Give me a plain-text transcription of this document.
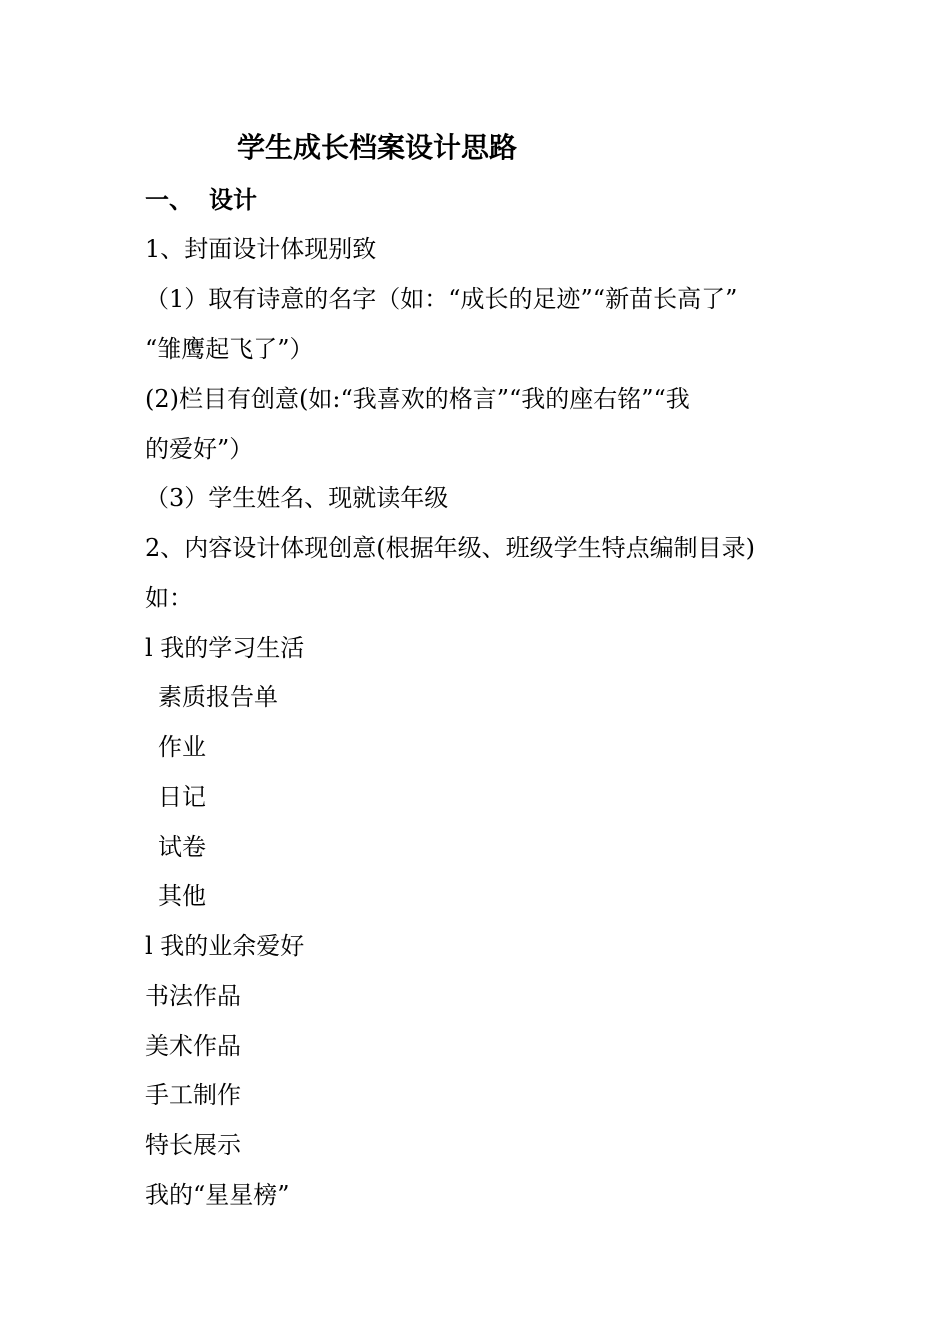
学生成长档案设计思路
一、 设计
1、封面设计体现别致
（1）取有诗意的名字（如：“成长的足迹”“新苗长高了”
“雏鹰起飞了”）
(2)栏目有创意(如:“我喜欢的格言”“我的座右铭”“我
的爱好”）
（3）学生姓名、现就读年级
2、内容设计体现创意(根据年级、班级学生特点编制目录)
如：
l 我的学习生活
素质报告单
作业
日记
试卷
其他
l 我的业余爱好
书法作品
美术作品
手工制作
特长展示
我的“星星榜”
